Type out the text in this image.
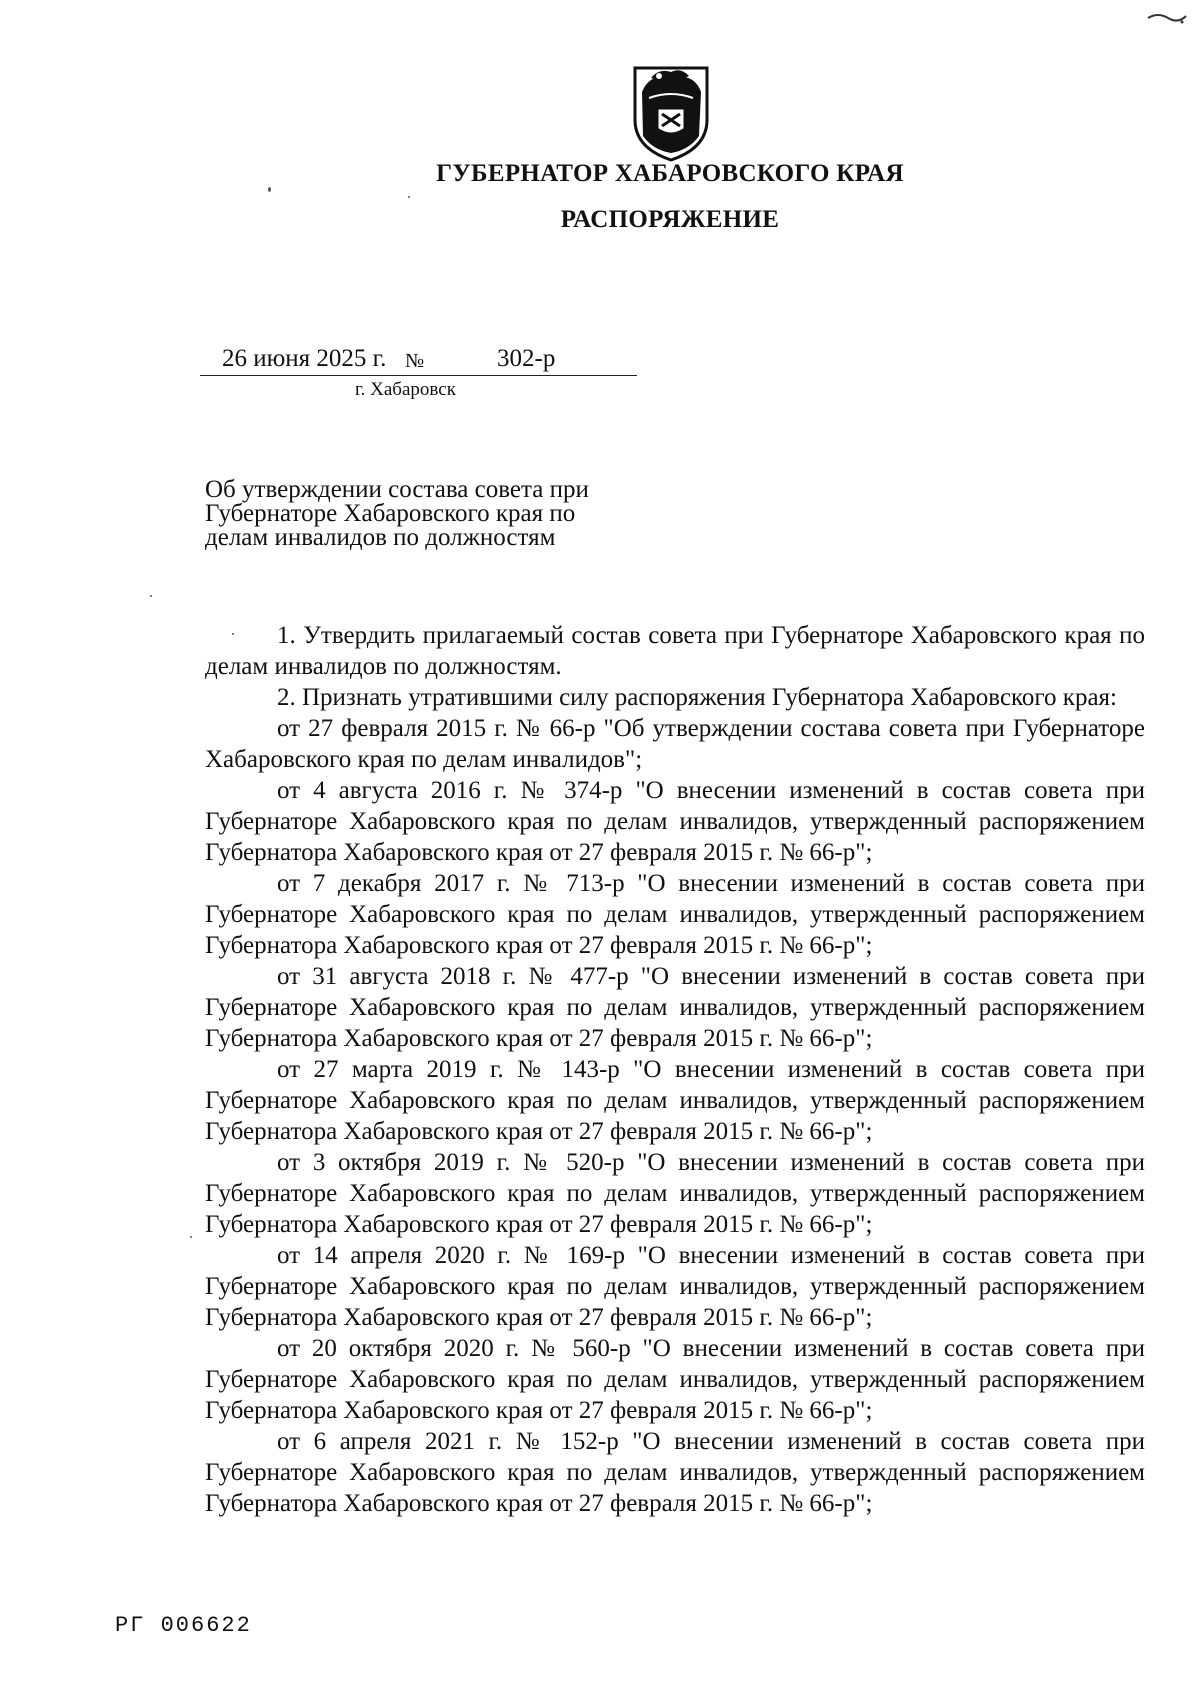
ГУБЕРНАТОР ХАБАРОВСКОГО КРАЯ
РАСПОРЯЖЕНИЕ
26 июня 2025 г. №	302-р
г. Хабаровск
Об утверждении состава совета при
Губернаторе Хабаровского края по
делам инвалидов по должностям

1. Утвердить прилагаемый состав совета при Губернаторе Хабаровского края по делам инвалидов по должностям.

2. Признать утратившими силу распоряжения Губернатора Хабаровского края:

от 27 февраля 2015 г. № 66-р "Об утверждении состава совета при Губернаторе Хабаровского края по делам инвалидов";

от 4 августа 2016 г. № 374-р "О внесении изменений в состав совета при Губернаторе Хабаровского края по делам инвалидов, утвержденный распоряжением Губернатора Хабаровского края от 27 февраля 2015 г. № 66-р";

от 7 декабря 2017 г. № 713-р "О внесении изменений в состав совета при Губернаторе Хабаровского края по делам инвалидов, утвержденный распоряжением Губернатора Хабаровского края от 27 февраля 2015 г. № 66-р";

от 31 августа 2018 г. № 477-р "О внесении изменений в состав совета при Губернаторе Хабаровского края по делам инвалидов, утвержденный распоряжением Губернатора Хабаровского края от 27 февраля 2015 г. № 66-р";

от 27 марта 2019 г. № 143-р "О внесении изменений в состав совета при Губернаторе Хабаровского края по делам инвалидов, утвержденный распоряжением Губернатора Хабаровского края от 27 февраля 2015 г. № 66-р";

от 3 октября 2019 г. № 520-р "О внесении изменений в состав совета при Губернаторе Хабаровского края по делам инвалидов, утвержденный распоряжением Губернатора Хабаровского края от 27 февраля 2015 г. № 66-р";

от 14 апреля 2020 г. № 169-р "О внесении изменений в состав совета при Губернаторе Хабаровского края по делам инвалидов, утвержденный распоряжением Губернатора Хабаровского края от 27 февраля 2015 г. № 66-р";

от 20 октября 2020 г. № 560-р "О внесении изменений в состав совета при Губернаторе Хабаровского края по делам инвалидов, утвержденный распоряжением Губернатора Хабаровского края от 27 февраля 2015 г. № 66-р";

от 6 апреля 2021 г. № 152-р "О внесении изменений в состав совета при Губернаторе Хабаровского края по делам инвалидов, утвержденный распоряжением Губернатора Хабаровского края от 27 февраля 2015 г. № 66-р";

РГ 006622
